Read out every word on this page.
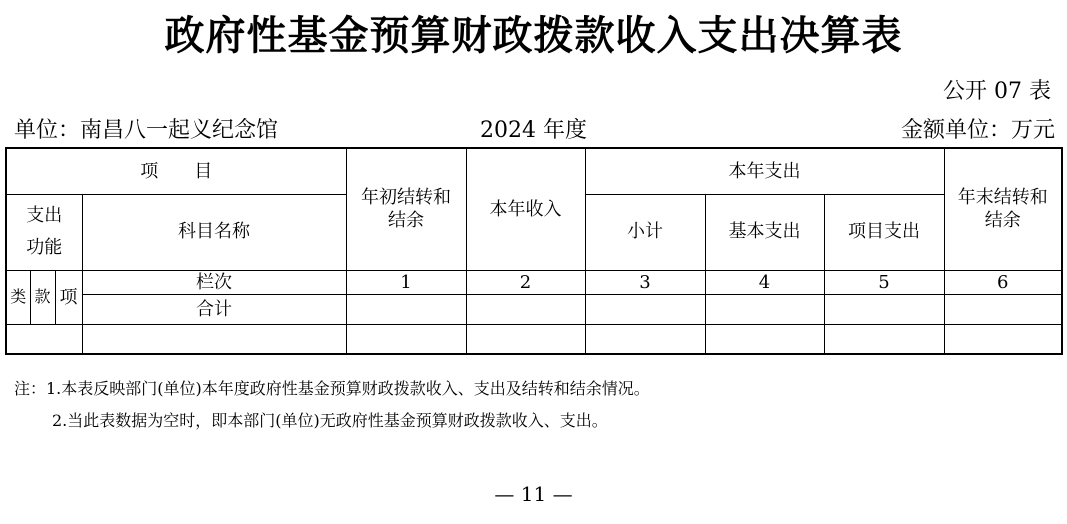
政府性基金预算财政拨款收入支出决算表
公开 07 表
单位：南昌八一起义纪念馆	2024 年度	金额单位：万元
项　　目				年初结转和结余	本年收入	本年支出			年末结转和结余
支出功能			科目名称			小计	基本支出	项目支出	
类	款	项	栏次	1	2	3	4	5	6
			合计						

注：1.本表反映部门(单位)本年度政府性基金预算财政拨款收入、支出及结转和结余情况。
2.当此表数据为空时，即本部门(单位)无政府性基金预算财政拨款收入、支出。
— 11 —
